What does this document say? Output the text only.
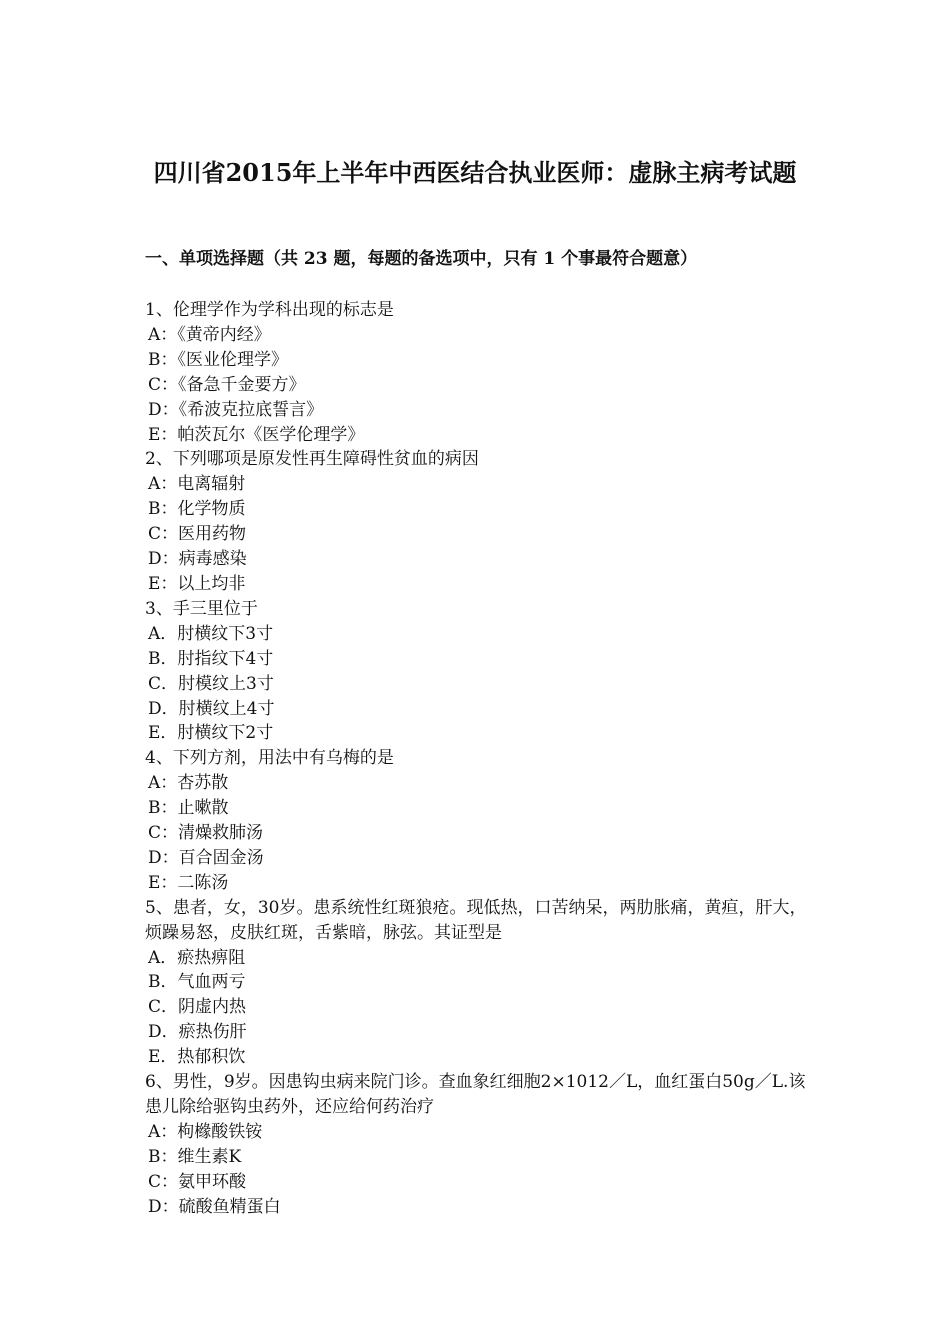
四川省2015年上半年中西医结合执业医师：虚脉主病考试题
一、单项选择题（共 23 题，每题的备选项中，只有 1 个事最符合题意）

1、伦理学作为学科出现的标志是

A：《黄帝内经》

B：《医业伦理学》

C：《备急千金要方》

D：《希波克拉底誓言》

E：帕茨瓦尔《医学伦理学》

2、下列哪项是原发性再生障碍性贫血的病因

A：电离辐射

B：化学物质

C：医用药物

D：病毒感染

E：以上均非

3、手三里位于

A．肘横纹下3寸

B．肘指纹下4寸

C．肘模纹上3寸

D．肘横纹上4寸

E．肘横纹下2寸

4、下列方剂，用法中有乌梅的是

A：杏苏散

B：止嗽散

C：清燥救肺汤

D：百合固金汤

E：二陈汤

5、患者，女，30岁。患系统性红斑狼疮。现低热，口苦纳呆，两肋胀痛，黄疸，肝大，烦躁易怒，皮肤红斑，舌紫暗，脉弦。其证型是

A．瘀热痹阻

B．气血两亏

C．阴虚内热

D．瘀热伤肝

E．热郁积饮

6、男性，9岁。因患钩虫病来院门诊。查血象红细胞2×1012／L，血红蛋白50g／L.该患儿除给驱钩虫药外，还应给何药治疗

A：枸橼酸铁铵

B：维生素K

C：氨甲环酸

D：硫酸鱼精蛋白
